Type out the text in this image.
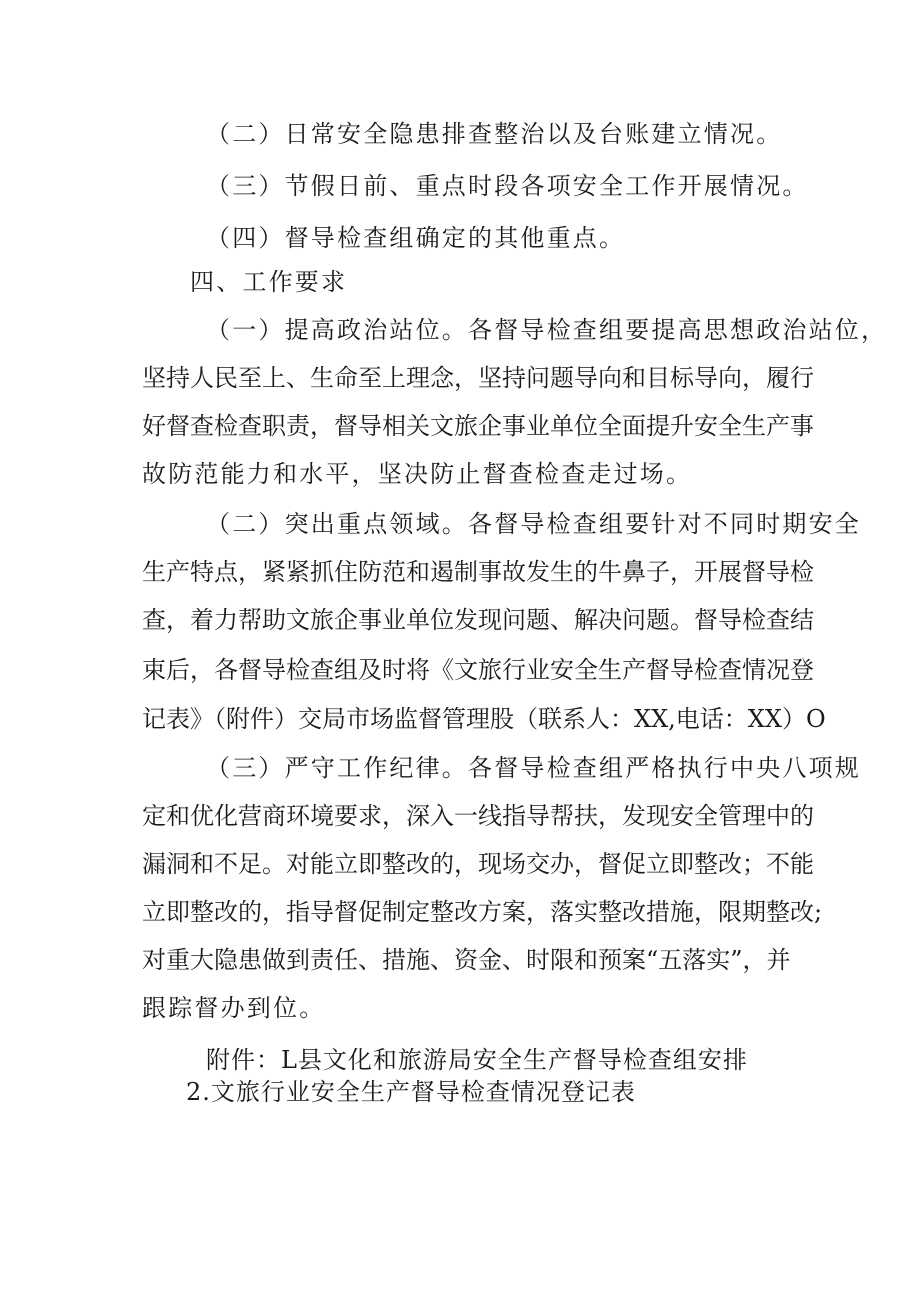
（二）日常安全隐患排查整治以及台账建立情况。

（三）节假日前、重点时段各项安全工作开展情况。

（四）督导检查组确定的其他重点。

四、工作要求

（一）提高政治站位。各督导检查组要提高思想政治站位，

坚持人民至上、生命至上理念，坚持问题导向和目标导向，履行

好督查检查职责，督导相关文旅企事业单位全面提升安全生产事

故防范能力和水平，坚决防止督查检查走过场。

（二）突出重点领域。各督导检查组要针对不同时期安全

生产特点，紧紧抓住防范和遏制事故发生的牛鼻子，开展督导检

查，着力帮助文旅企事业单位发现问题、解决问题。督导检查结

束后，各督导检查组及时将《文旅行业安全生产督导检查情况登

记表》（附件）交局市场监督管理股（联系人：XX,电话：XX）O

（三）严守工作纪律。各督导检查组严格执行中央八项规

定和优化营商环境要求，深入一线指导帮扶，发现安全管理中的

漏洞和不足。对能立即整改的，现场交办，督促立即整改；不能

立即整改的，指导督促制定整改方案，落实整改措施，限期整改;

对重大隐患做到责任、措施、资金、时限和预案“五落实”，并

跟踪督办到位。

附件：L县文化和旅游局安全生产督导检查组安排

2.文旅行业安全生产督导检查情况登记表
